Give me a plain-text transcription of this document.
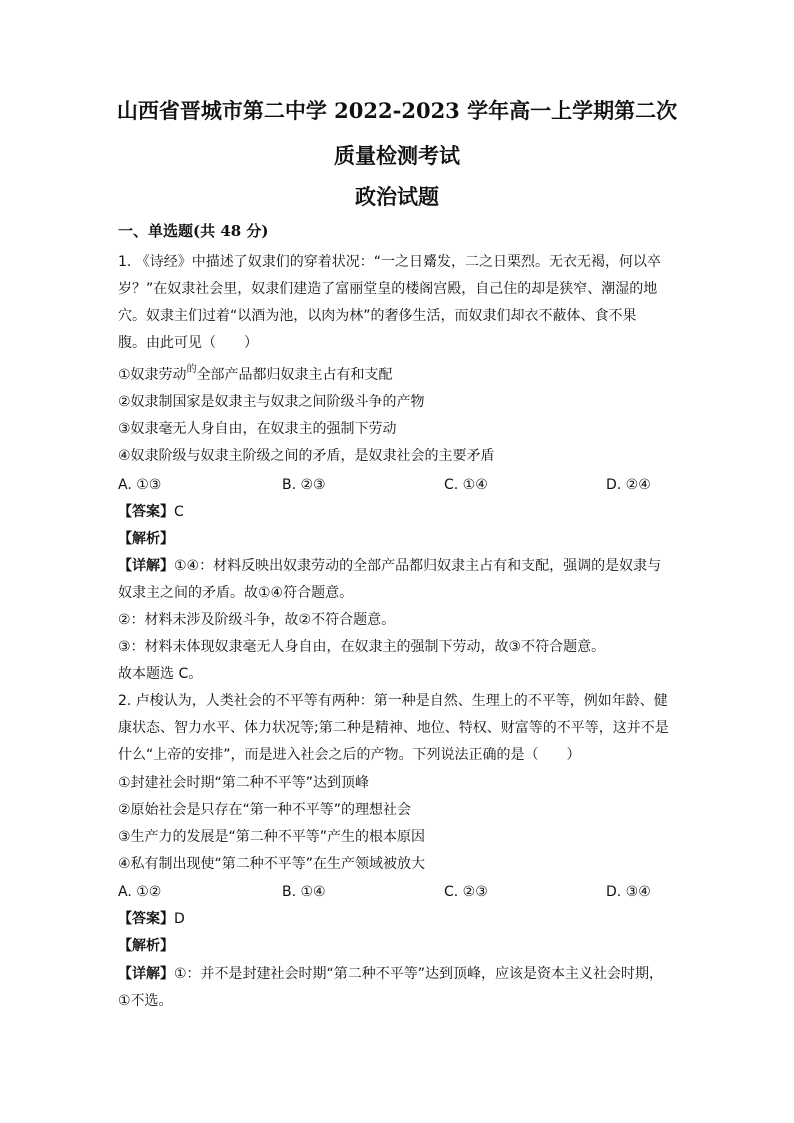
山西省晋城市第二中学 2022-2023 学年高一上学期第二次
质量检测考试
政治试题
一、单选题(共 48 分)
1. 《诗经》中描述了奴隶们的穿着状况：“一之日觱发，二之日栗烈。无衣无褐，何以卒
岁？”在奴隶社会里，奴隶们建造了富丽堂皇的楼阁宫殿，自己住的却是狭窄、潮湿的地
穴。奴隶主们过着“以酒为池，以肉为林”的奢侈生活，而奴隶们却衣不蔽体、食不果
腹。由此可见（　　）
①奴隶劳动$^的$全部产品都归奴隶主占有和支配
②奴隶制国家是奴隶主与奴隶之间阶级斗争的产物
③奴隶毫无人身自由，在奴隶主的强制下劳动
④奴隶阶级与奴隶主阶级之间的矛盾，是奴隶社会的主要矛盾
A. ①③	B. ②③	C. ①④	D. ②④
【答案】C
【解析】
【详解】①④：材料反映出奴隶劳动的全部产品都归奴隶主占有和支配，强调的是奴隶与
奴隶主之间的矛盾。故①④符合题意。
②：材料未涉及阶级斗争，故②不符合题意。
③：材料未体现奴隶毫无人身自由，在奴隶主的强制下劳动，故③不符合题意。
故本题选 C。
2. 卢梭认为，人类社会的不平等有两种：第一种是自然、生理上的不平等，例如年龄、健
康状态、智力水平、体力状况等;第二种是精神、地位、特权、财富等的不平等，这并不是
什么“上帝的安排”，而是进入社会之后的产物。下列说法正确的是（　　）
①封建社会时期“第二种不平等”达到顶峰
②原始社会是只存在“第一种不平等”的理想社会
③生产力的发展是“第二种不平等”产生的根本原因
④私有制出现使“第二种不平等”在生产领域被放大
A. ①②	B. ①④	C. ②③	D. ③④
【答案】D
【解析】
【详解】①：并不是封建社会时期“第二种不平等”达到顶峰，应该是资本主义社会时期，
①不选。
